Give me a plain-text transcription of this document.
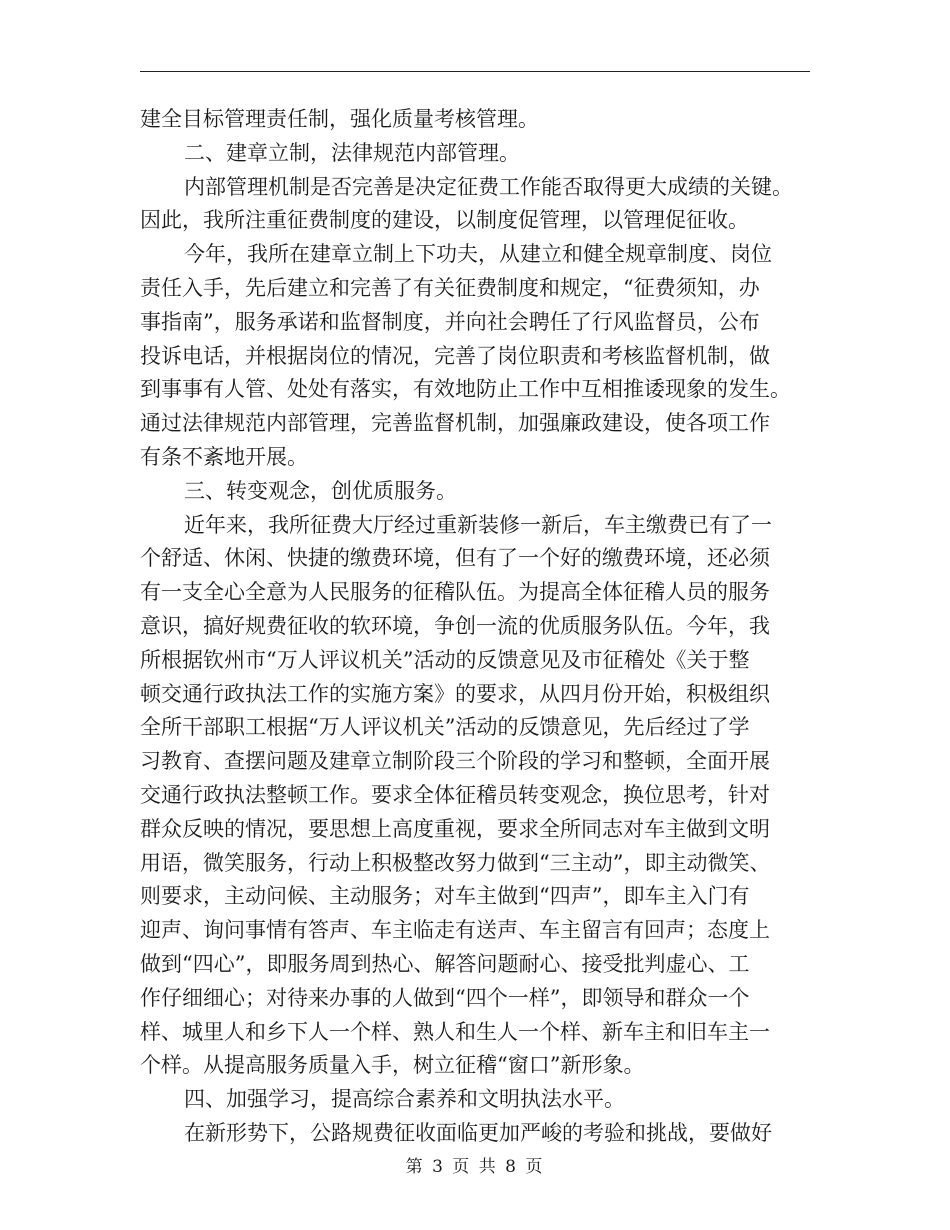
建全目标管理责任制，强化质量考核管理。
二、建章立制，法律规范内部管理。
内部管理机制是否完善是决定征费工作能否取得更大成绩的关键。
因此，我所注重征费制度的建设，以制度促管理，以管理促征收。
今年，我所在建章立制上下功夫，从建立和健全规章制度、岗位
责任入手，先后建立和完善了有关征费制度和规定，“征费须知，办
事指南”，服务承诺和监督制度，并向社会聘任了行风监督员，公布
投诉电话，并根据岗位的情况，完善了岗位职责和考核监督机制，做
到事事有人管、处处有落实，有效地防止工作中互相推诿现象的发生。
通过法律规范内部管理，完善监督机制，加强廉政建设，使各项工作
有条不紊地开展。
三、转变观念，创优质服务。
近年来，我所征费大厅经过重新装修一新后，车主缴费已有了一
个舒适、休闲、快捷的缴费环境，但有了一个好的缴费环境，还必须
有一支全心全意为人民服务的征稽队伍。为提高全体征稽人员的服务
意识，搞好规费征收的软环境，争创一流的优质服务队伍。今年，我
所根据钦州市“万人评议机关”活动的反馈意见及市征稽处《关于整
顿交通行政执法工作的实施方案》的要求，从四月份开始，积极组织
全所干部职工根据“万人评议机关”活动的反馈意见，先后经过了学
习教育、查摆问题及建章立制阶段三个阶段的学习和整顿，全面开展
交通行政执法整顿工作。要求全体征稽员转变观念，换位思考，针对
群众反映的情况，要思想上高度重视，要求全所同志对车主做到文明
用语，微笑服务，行动上积极整改努力做到“三主动”，即主动微笑、
则要求，主动问候、主动服务；对车主做到“四声”，即车主入门有
迎声、询问事情有答声、车主临走有送声、车主留言有回声；态度上
做到“四心”，即服务周到热心、解答问题耐心、接受批判虚心、工
作仔细细心；对待来办事的人做到“四个一样”，即领导和群众一个
样、城里人和乡下人一个样、熟人和生人一个样、新车主和旧车主一
个样。从提高服务质量入手，树立征稽“窗口”新形象。
四、加强学习，提高综合素养和文明执法水平。
在新形势下，公路规费征收面临更加严峻的考验和挑战，要做好
第 3 页 共 8 页
